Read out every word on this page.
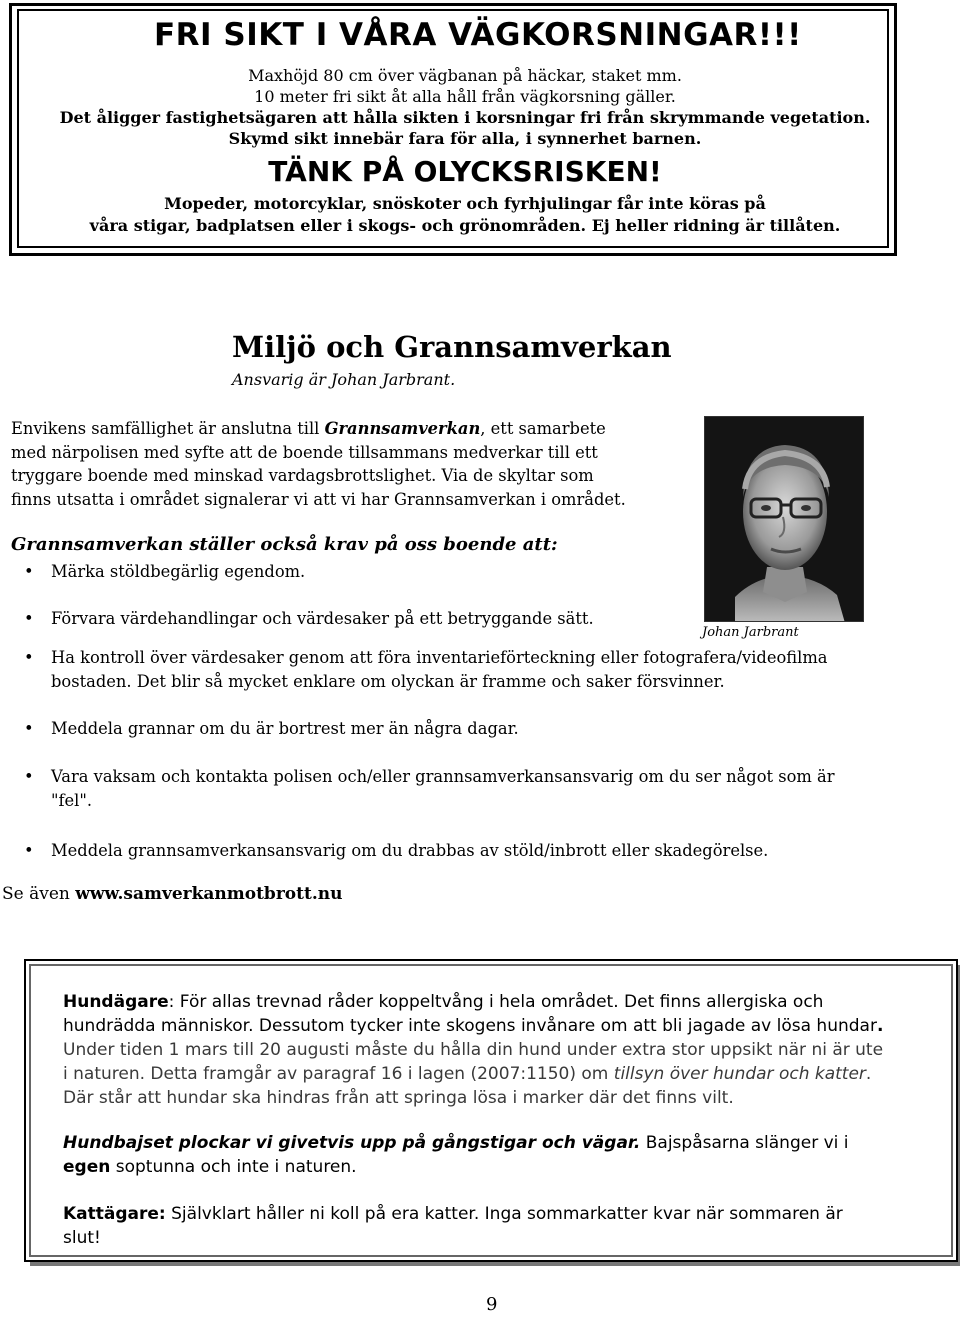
FRI SIKT I VÅRA VÄGKORSNINGAR!!!
Maxhöjd 80 cm över vägbanan på häckar, staket mm.
10 meter fri sikt åt alla håll från vägkorsning gäller.
Det åligger fastighetsägaren att hålla sikten i korsningar fri från skrymmande vegetation.
Skymd sikt innebär fara för alla, i synnerhet barnen.
TÄNK PÅ OLYCKSRISKEN!
Mopeder, motorcyklar, snöskoter och fyrhjulingar får inte köras på
våra stigar, badplatsen eller i skogs- och grönområden. Ej heller ridning är tillåten.
Miljö och Grannsamverkan
Ansvarig är Johan Jarbrant.
Envikens samfällighet är anslutna till Grannsamverkan, ett samarbete
med närpolisen med syfte att de boende tillsammans medverkar till ett
tryggare boende med minskad vardagsbrottslighet. Via de skyltar som
finns utsatta i området signalerar vi att vi har Grannsamverkan i området.
Johan Jarbrant
Grannsamverkan ställer också krav på oss boende att:
• Märka stöldbegärlig egendom.
• Förvara värdehandlingar och värdesaker på ett betryggande sätt.
• Ha kontroll över värdesaker genom att föra inventarieförteckning eller fotografera/videofilma
bostaden. Det blir så mycket enklare om olyckan är framme och saker försvinner.
• Meddela grannar om du är bortrest mer än några dagar.
• Vara vaksam och kontakta polisen och/eller grannsamverkansansvarig om du ser något som är
"fel".
• Meddela grannsamverkansansvarig om du drabbas av stöld/inbrott eller skadegörelse.
Se även www.samverkanmotbrott.nu
Hundägare: För allas trevnad råder koppeltvång i hela området. Det finns allergiska och
hundrädda människor. Dessutom tycker inte skogens invånare om att bli jagade av lösa hundar.
Under tiden 1 mars till 20 augusti måste du hålla din hund under extra stor uppsikt när ni är ute
i naturen. Detta framgår av paragraf 16 i lagen (2007:1150) om tillsyn över hundar och katter.
Där står att hundar ska hindras från att springa lösa i marker där det finns vilt.
Hundbajset plockar vi givetvis upp på gångstigar och vägar. Bajspåsarna slänger vi i
egen soptunna och inte i naturen.
Kattägare: Självklart håller ni koll på era katter. Inga sommarkatter kvar när sommaren är
slut!
9
